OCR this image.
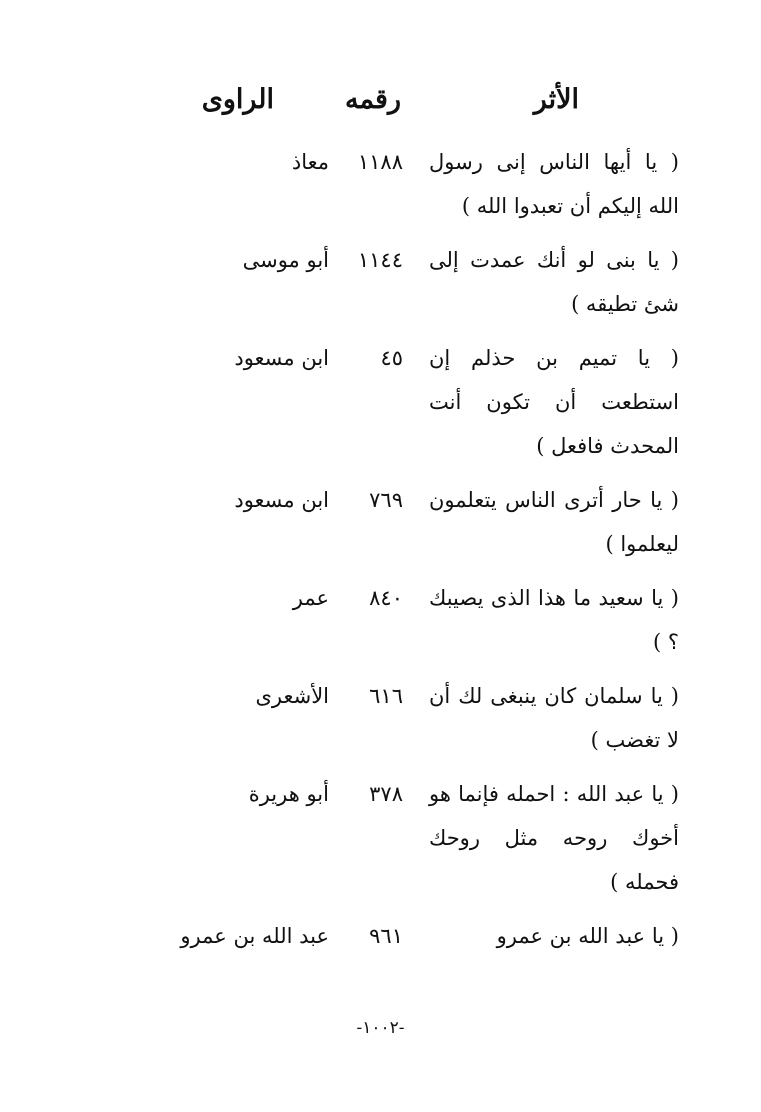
الأثر
رقمه
الراوى
( يا أيها الناس إنى رسول الله إليكم أن تعبدوا الله )
١١٨٨
معاذ
( يا بنى لو أنك عمدت إلى شئ تطيقه )
١١٤٤
أبو موسى
( يا تميم بن حذلم إن استطعت أن تكون أنت المحدث فافعل )
٤٥
ابن مسعود
( يا حار أترى الناس يتعلمون ليعلموا )
٧٦٩
ابن مسعود
( يا سعيد ما هذا الذى يصيبك ؟ )
٨٤٠
عمر
( يا سلمان كان ينبغى لك أن لا تغضب )
٦١٦
الأشعرى
( يا عبد الله : احمله فإنما هو أخوك روحه مثل روحك فحمله )
٣٧٨
أبو هريرة
( يا عبد الله بن عمرو
٩٦١
عبد الله بن عمرو
-١٠٠٢-
